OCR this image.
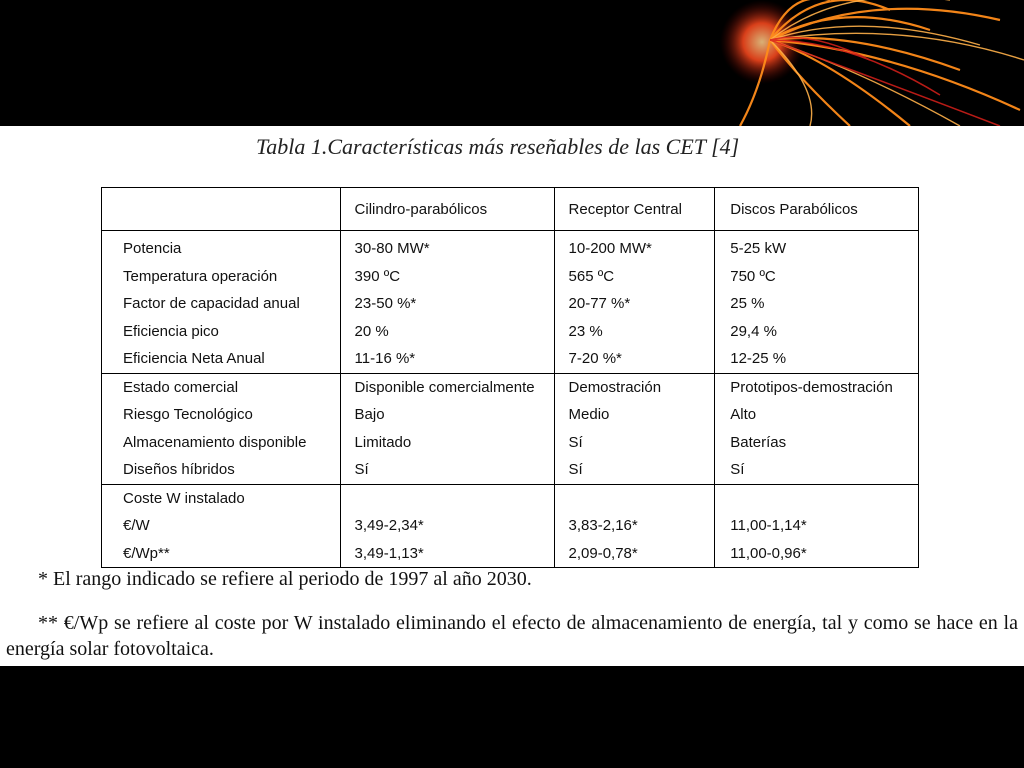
Tabla 1.Características más reseñables de las CET [4]
	Cilindro-parabólicos	Receptor Central	Discos Parabólicos
Potencia	30-80 MW*	10-200 MW*	5-25 kW
Temperatura operación	390 ºC	565 ºC	750 ºC
Factor de capacidad anual	23-50 %*	20-77 %*	25 %
Eficiencia pico	20 %	23 %	29,4 %
Eficiencia Neta Anual	11-16 %*	7-20 %*	12-25 %
Estado comercial	Disponible comercialmente	Demostración	Prototipos-demostración
Riesgo Tecnológico	Bajo	Medio	Alto
Almacenamiento disponible	Limitado	Sí	Baterías
Diseños híbridos	Sí	Sí	Sí
Coste W instalado			
€/W	3,49-2,34*	3,83-2,16*	11,00-1,14*
€/Wp**	3,49-1,13*	2,09-0,78*	11,00-0,96*
* El rango indicado se refiere al periodo de 1997 al año 2030.
** €/Wp se refiere al coste por W instalado eliminando el efecto de almacenamiento de energía, tal y como se hace en la energía solar fotovoltaica.
